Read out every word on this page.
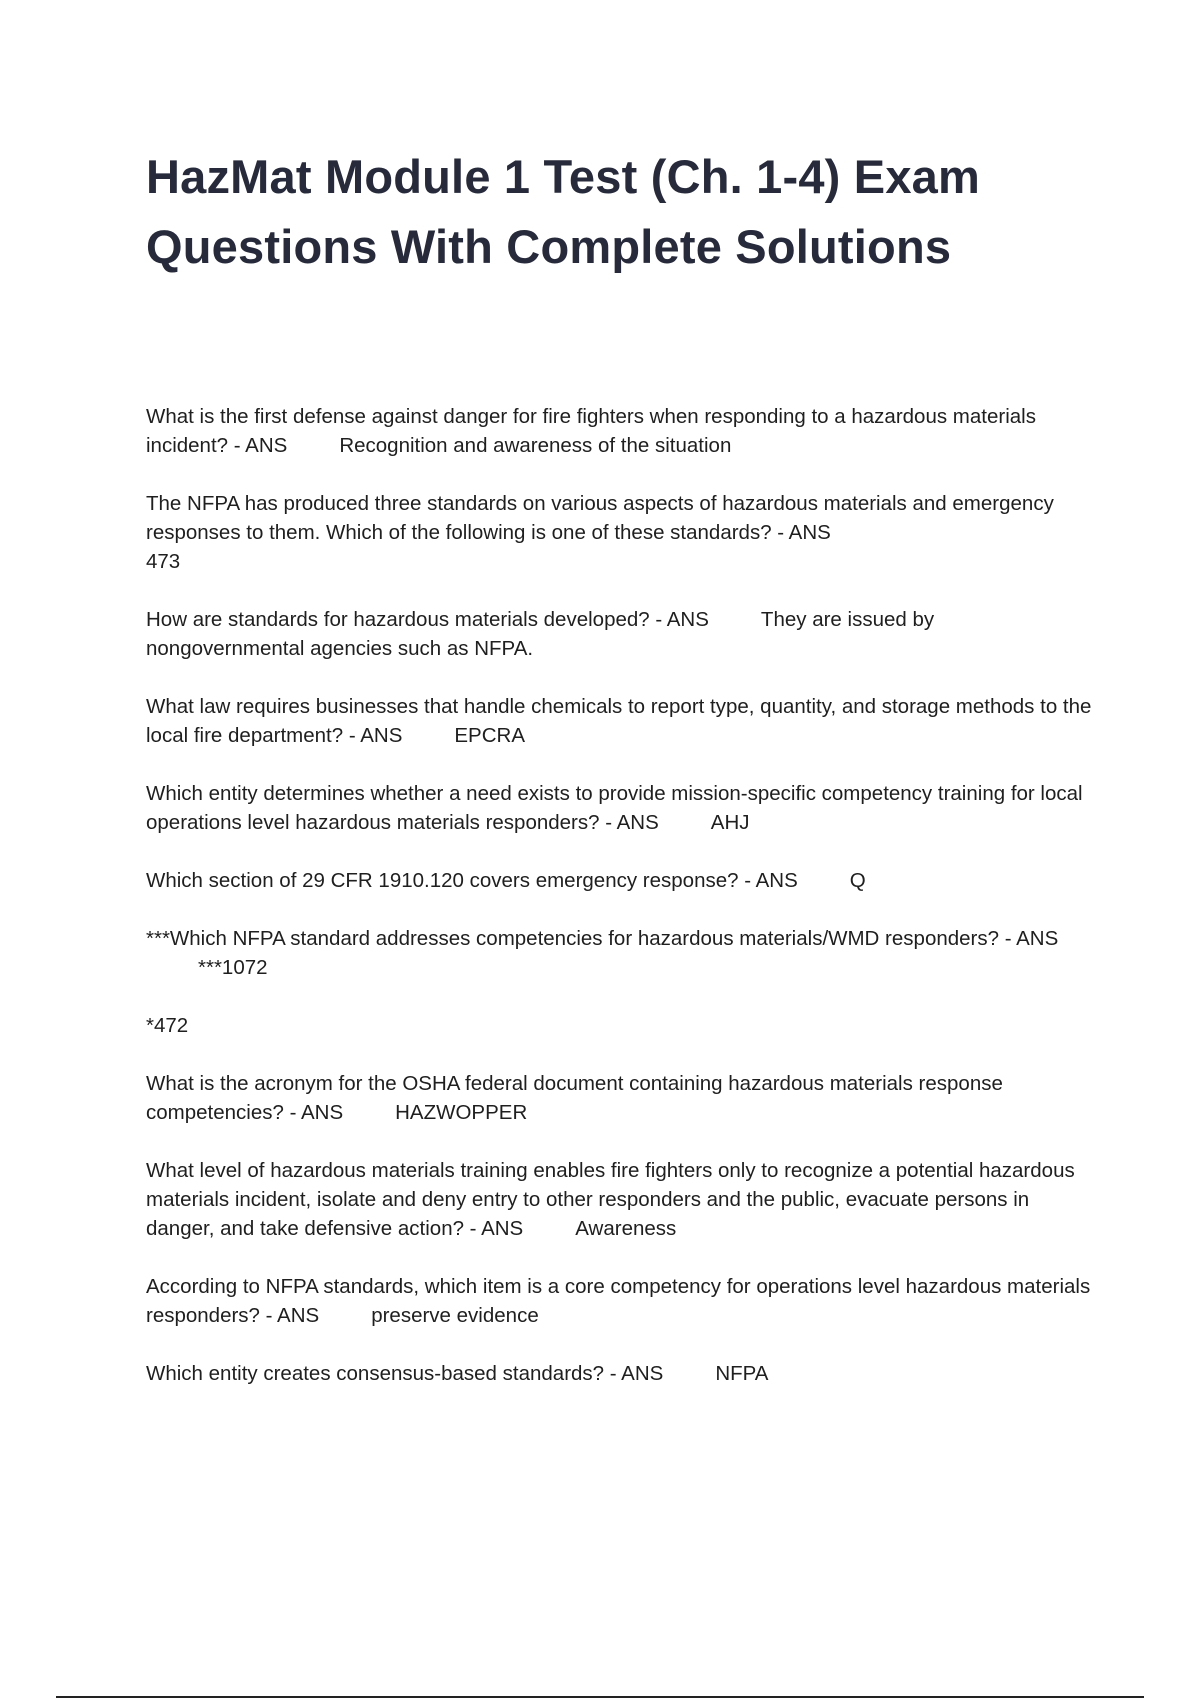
HazMat Module 1 Test (Ch. 1-4) Exam Questions With Complete Solutions

What is the first defense against danger for fire fighters when responding to a hazardous materials incident? - ANS	Recognition and awareness of the situation

The NFPA has produced three standards on various aspects of hazardous materials and emergency responses to them. Which of the following is one of these standards? - ANS
473

How are standards for hazardous materials developed? - ANS	They are issued by nongovernmental agencies such as NFPA.

What law requires businesses that handle chemicals to report type, quantity, and storage methods to the local fire department? - ANS	EPCRA

Which entity determines whether a need exists to provide mission-specific competency training for local operations level hazardous materials responders? - ANS	AHJ

Which section of 29 CFR 1910.120 covers emergency response? - ANS	Q

***Which NFPA standard addresses competencies for hazardous materials/WMD responders? - ANS***1072

*472

What is the acronym for the OSHA federal document containing hazardous materials response competencies? - ANS	HAZWOPPER

What level of hazardous materials training enables fire fighters only to recognize a potential hazardous materials incident, isolate and deny entry to other responders and the public, evacuate persons in danger, and take defensive action? - ANS	Awareness

According to NFPA standards, which item is a core competency for operations level hazardous materials responders? - ANS	preserve evidence

Which entity creates consensus-based standards? - ANS	NFPA
